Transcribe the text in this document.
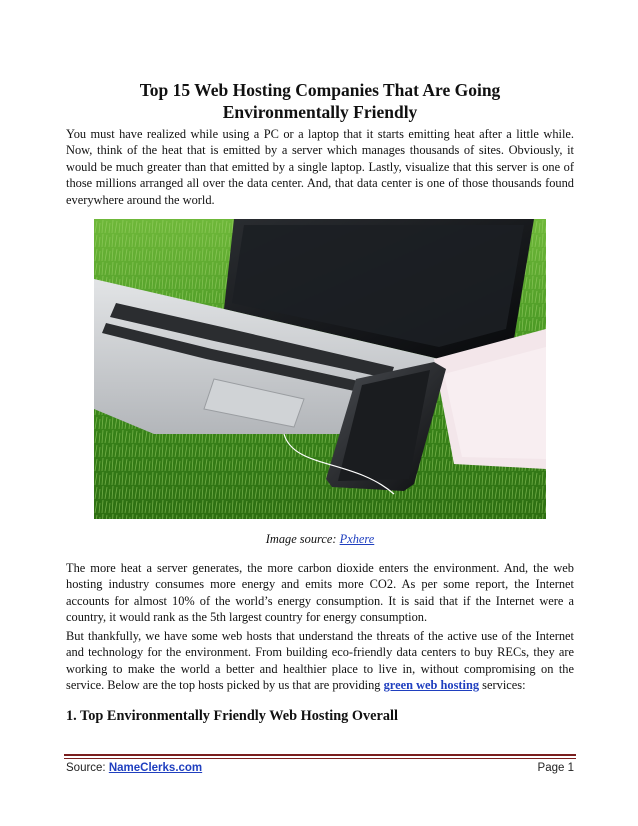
Top 15 Web Hosting Companies That Are Going
Environmentally Friendly
You must have realized while using a PC or a laptop that it starts emitting heat after a little while. Now, think of the heat that is emitted by a server which manages thousands of sites. Obviously, it would be much greater than that emitted by a single laptop. Lastly, visualize that this server is one of those millions arranged all over the data center. And, that data center is one of those thousands found everywhere around the world.
Image source: Pxhere
The more heat a server generates, the more carbon dioxide enters the environment. And, the web hosting industry consumes more energy and emits more CO2. As per some report, the Internet accounts for almost 10% of the world’s energy consumption. It is said that if the Internet were a country, it would rank as the 5th largest country for energy consumption.
But thankfully, we have some web hosts that understand the threats of the active use of the Internet and technology for the environment. From building eco-friendly data centers to buy RECs, they are working to make the world a better and healthier place to live in, without compromising on the service. Below are the top hosts picked by us that are providing green web hosting services:
1. Top Environmentally Friendly Web Hosting Overall
Source: NameClerks.com	Page 1
